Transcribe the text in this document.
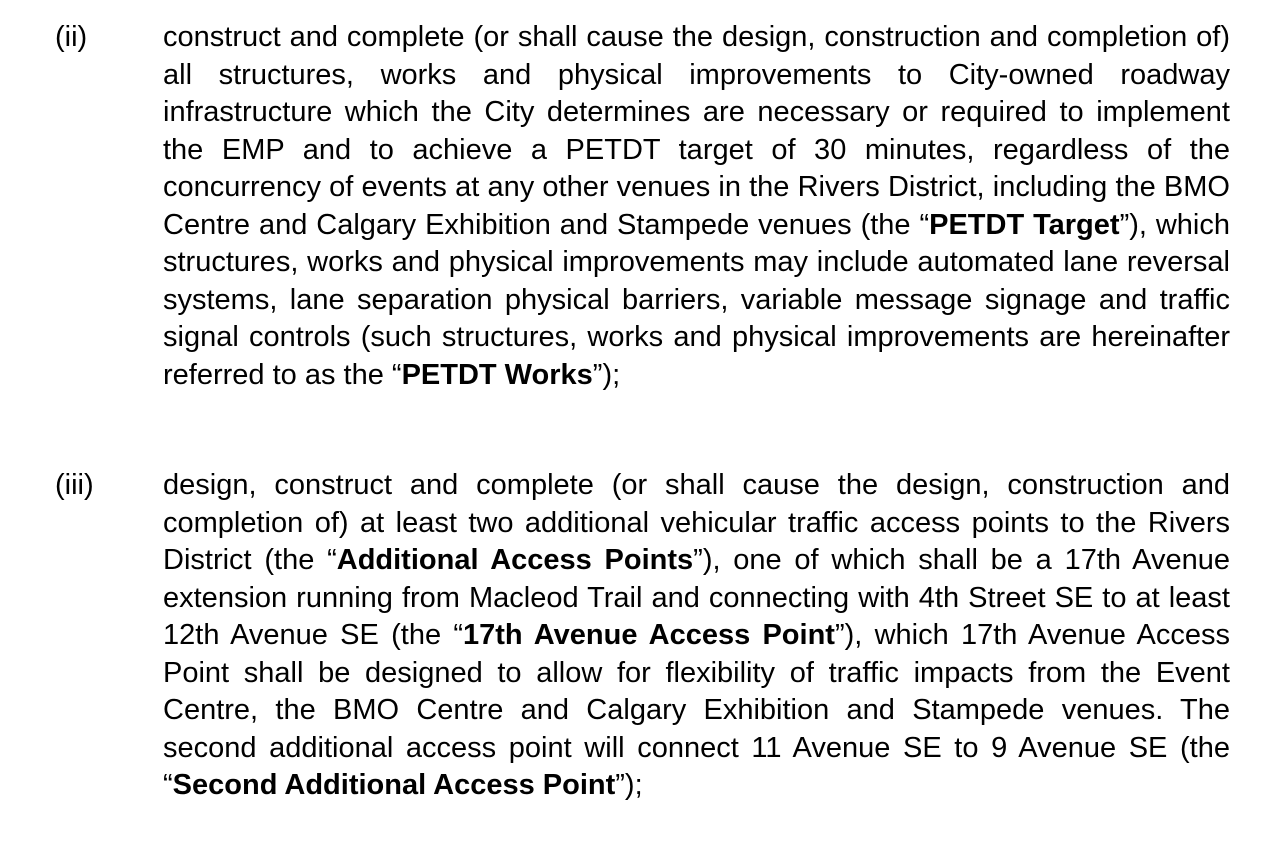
(ii)	construct and complete (or shall cause the design, construction and completion of) all structures, works and physical improvements to City-owned roadway infrastructure which the City determines are necessary or required to implement the EMP and to achieve a PETDT target of 30 minutes, regardless of the concurrency of events at any other venues in the Rivers District, including the BMO Centre and Calgary Exhibition and Stampede venues (the “PETDT Target”), which structures, works and physical improvements may include automated lane reversal systems, lane separation physical barriers, variable message signage and traffic signal controls (such structures, works and physical improvements are hereinafter referred to as the “PETDT Works”);

(iii) design, construct and complete (or shall cause the design, construction and completion of) at least two additional vehicular traffic access points to the Rivers District (the “Additional Access Points”), one of which shall be a 17th Avenue extension running from Macleod Trail and connecting with 4th Street SE to at least 12th Avenue SE (the “17th Avenue Access Point”), which 17th Avenue Access Point shall be designed to allow for flexibility of traffic impacts from the Event Centre, the BMO Centre and Calgary Exhibition and Stampede venues. The second additional access point will connect 11 Avenue SE to 9 Avenue SE (the “Second Additional Access Point”);
